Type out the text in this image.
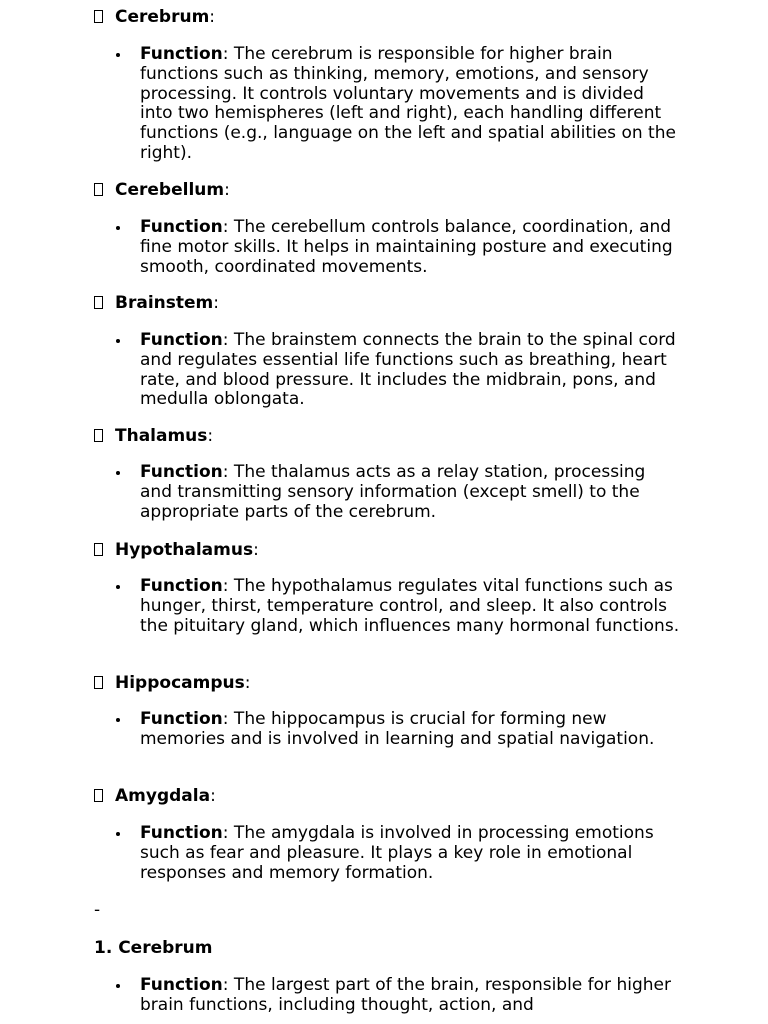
Cerebrum:
Function: The cerebrum is responsible for higher brain functions such as thinking, memory, emotions, and sensory processing. It controls voluntary movements and is divided into two hemispheres (left and right), each handling different functions (e.g., language on the left and spatial abilities on the right).
Cerebellum:
Function: The cerebellum controls balance, coordination, and fine motor skills. It helps in maintaining posture and executing smooth, coordinated movements.
Brainstem:
Function: The brainstem connects the brain to the spinal cord and regulates essential life functions such as breathing, heart rate, and blood pressure. It includes the midbrain, pons, and medulla oblongata.
Thalamus:
Function: The thalamus acts as a relay station, processing and transmitting sensory information (except smell) to the appropriate parts of the cerebrum.
Hypothalamus:
Function: The hypothalamus regulates vital functions such as hunger, thirst, temperature control, and sleep. It also controls the pituitary gland, which influences many hormonal functions.
Hippocampus:
Function: The hippocampus is crucial for forming new memories and is involved in learning and spatial navigation.
Amygdala:
Function: The amygdala is involved in processing emotions such as fear and pleasure. It plays a key role in emotional responses and memory formation.
-
1. Cerebrum
Function: The largest part of the brain, responsible for higher brain functions, including thought, action, and
